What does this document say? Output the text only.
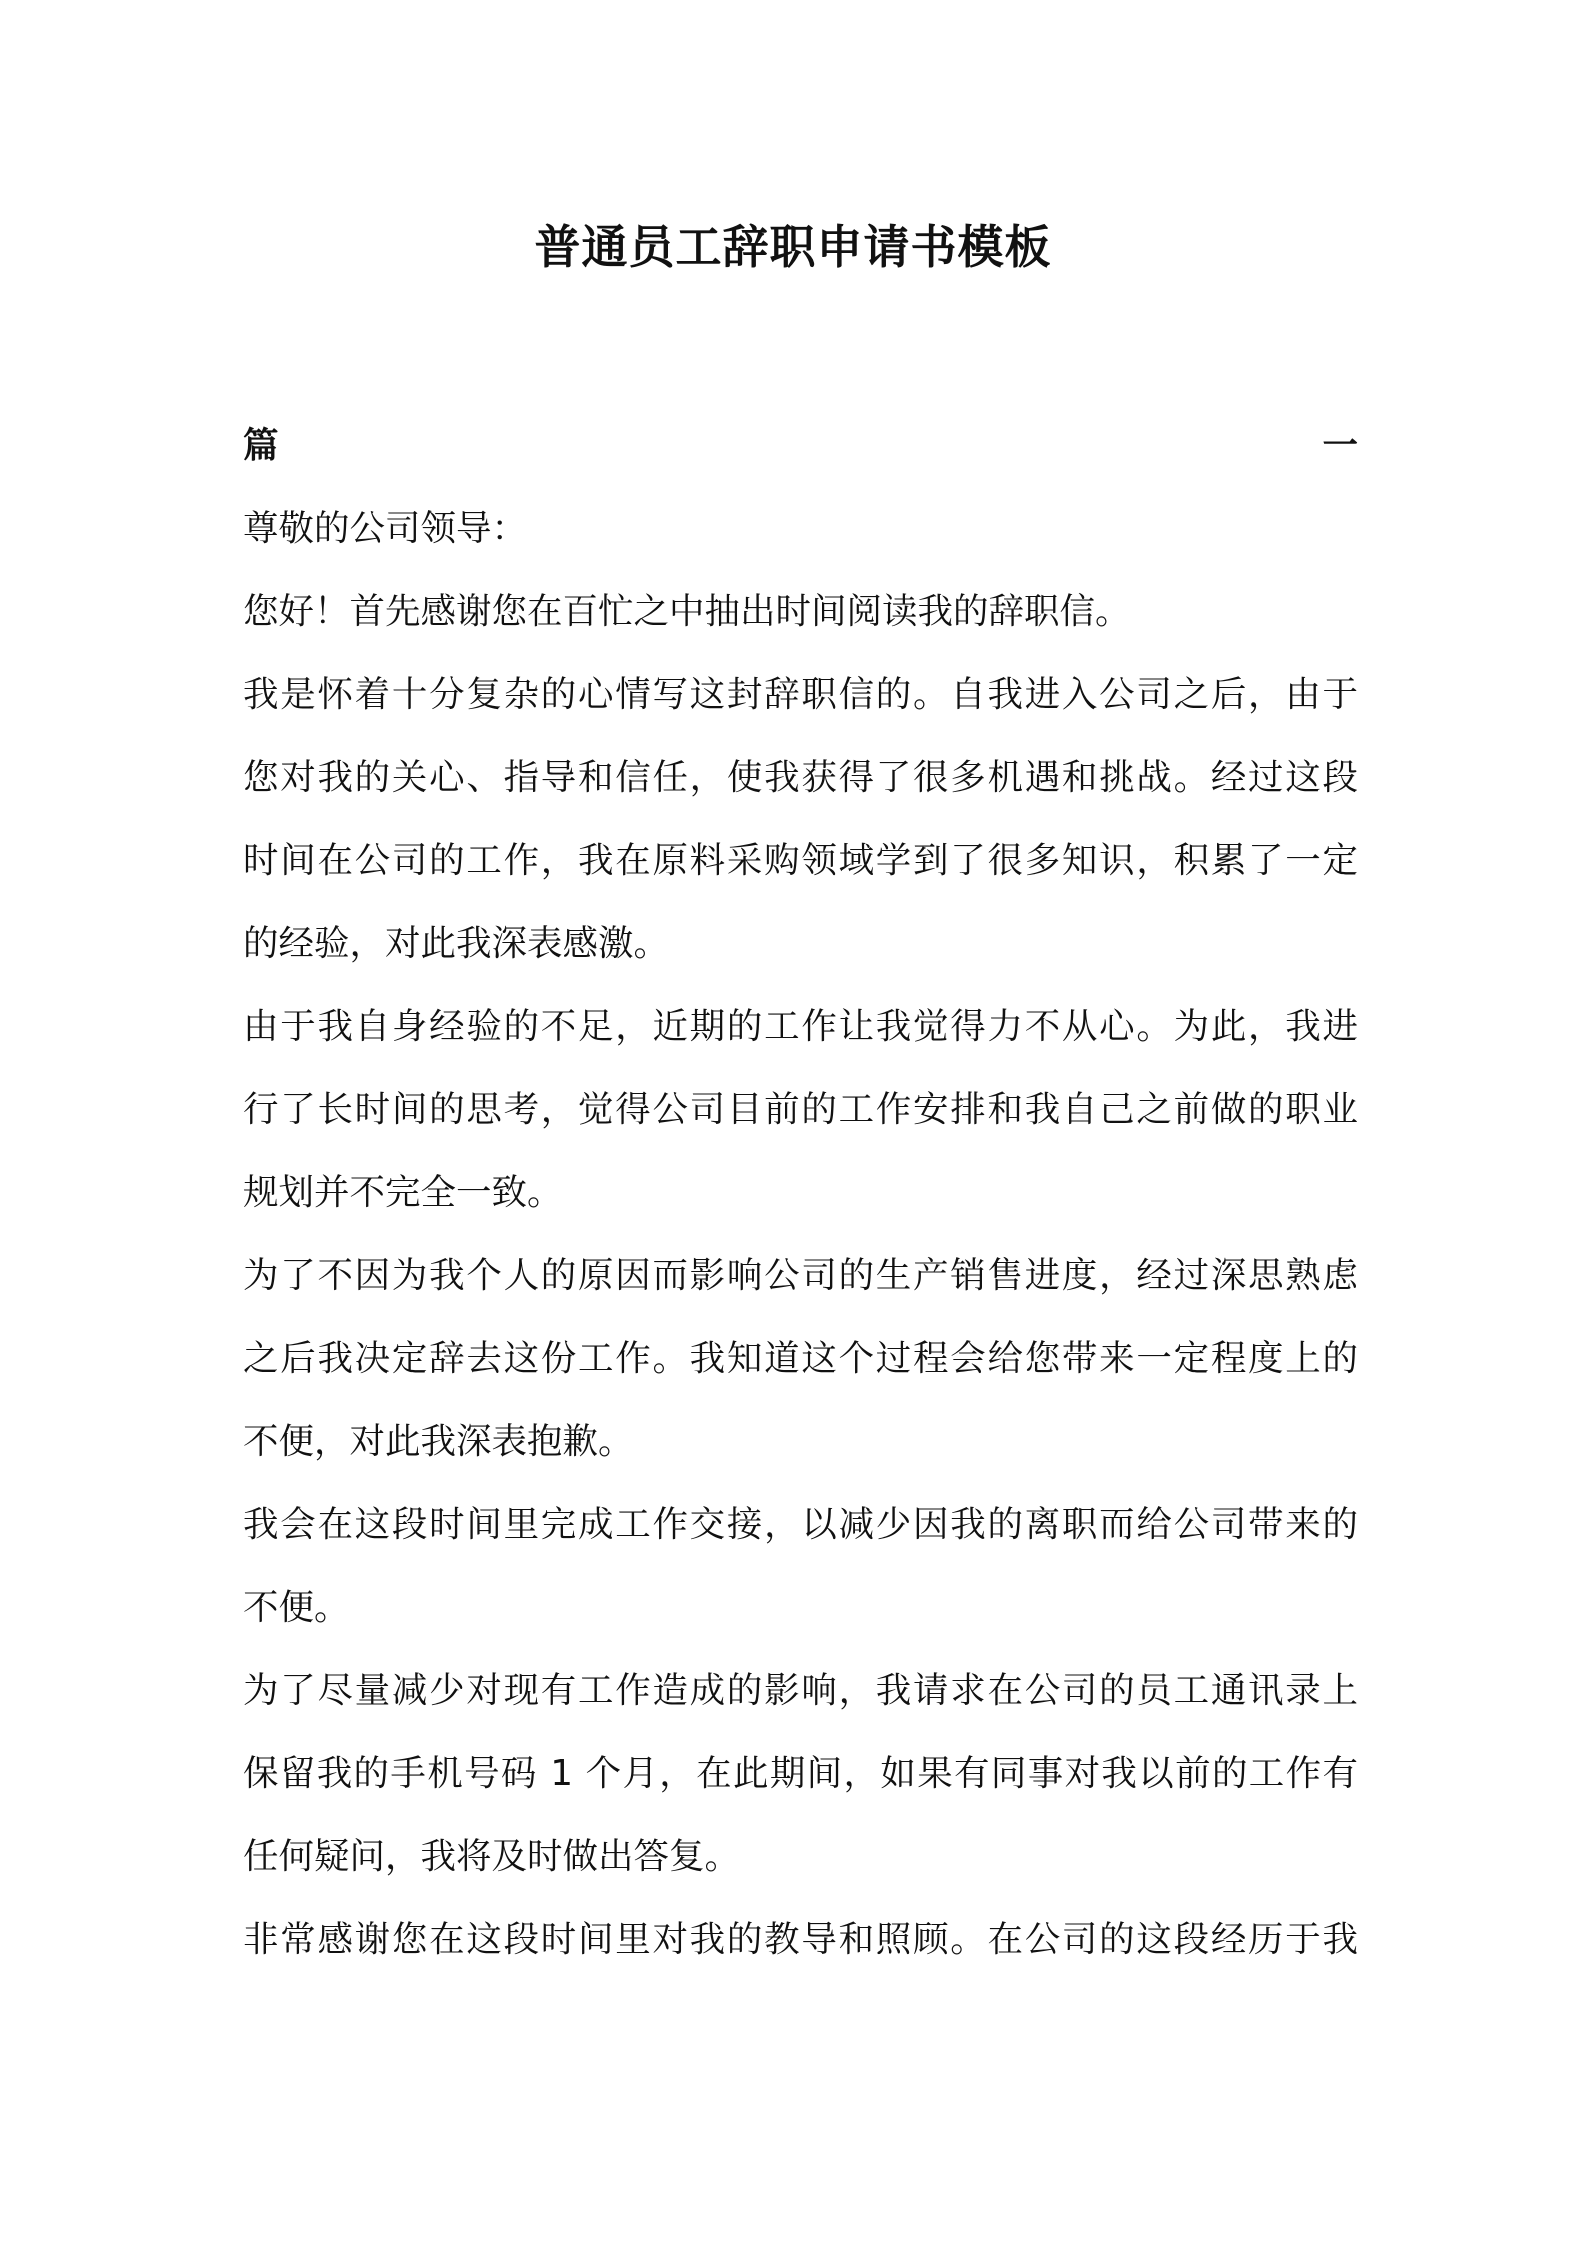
普通员工辞职申请书模板
篇一
尊敬的公司领导：
您好！首先感谢您在百忙之中抽出时间阅读我的辞职信。
我是怀着十分复杂的心情写这封辞职信的。自我进入公司之后，由于
您对我的关心、指导和信任，使我获得了很多机遇和挑战。经过这段
时间在公司的工作，我在原料采购领域学到了很多知识，积累了一定
的经验，对此我深表感激。
由于我自身经验的不足，近期的工作让我觉得力不从心。为此，我进
行了长时间的思考，觉得公司目前的工作安排和我自己之前做的职业
规划并不完全一致。
为了不因为我个人的原因而影响公司的生产销售进度，经过深思熟虑
之后我决定辞去这份工作。我知道这个过程会给您带来一定程度上的
不便，对此我深表抱歉。
我会在这段时间里完成工作交接，以减少因我的离职而给公司带来的
不便。
为了尽量减少对现有工作造成的影响，我请求在公司的员工通讯录上
保留我的手机号码 1 个月，在此期间，如果有同事对我以前的工作有
任何疑问，我将及时做出答复。
非常感谢您在这段时间里对我的教导和照顾。在公司的这段经历于我
